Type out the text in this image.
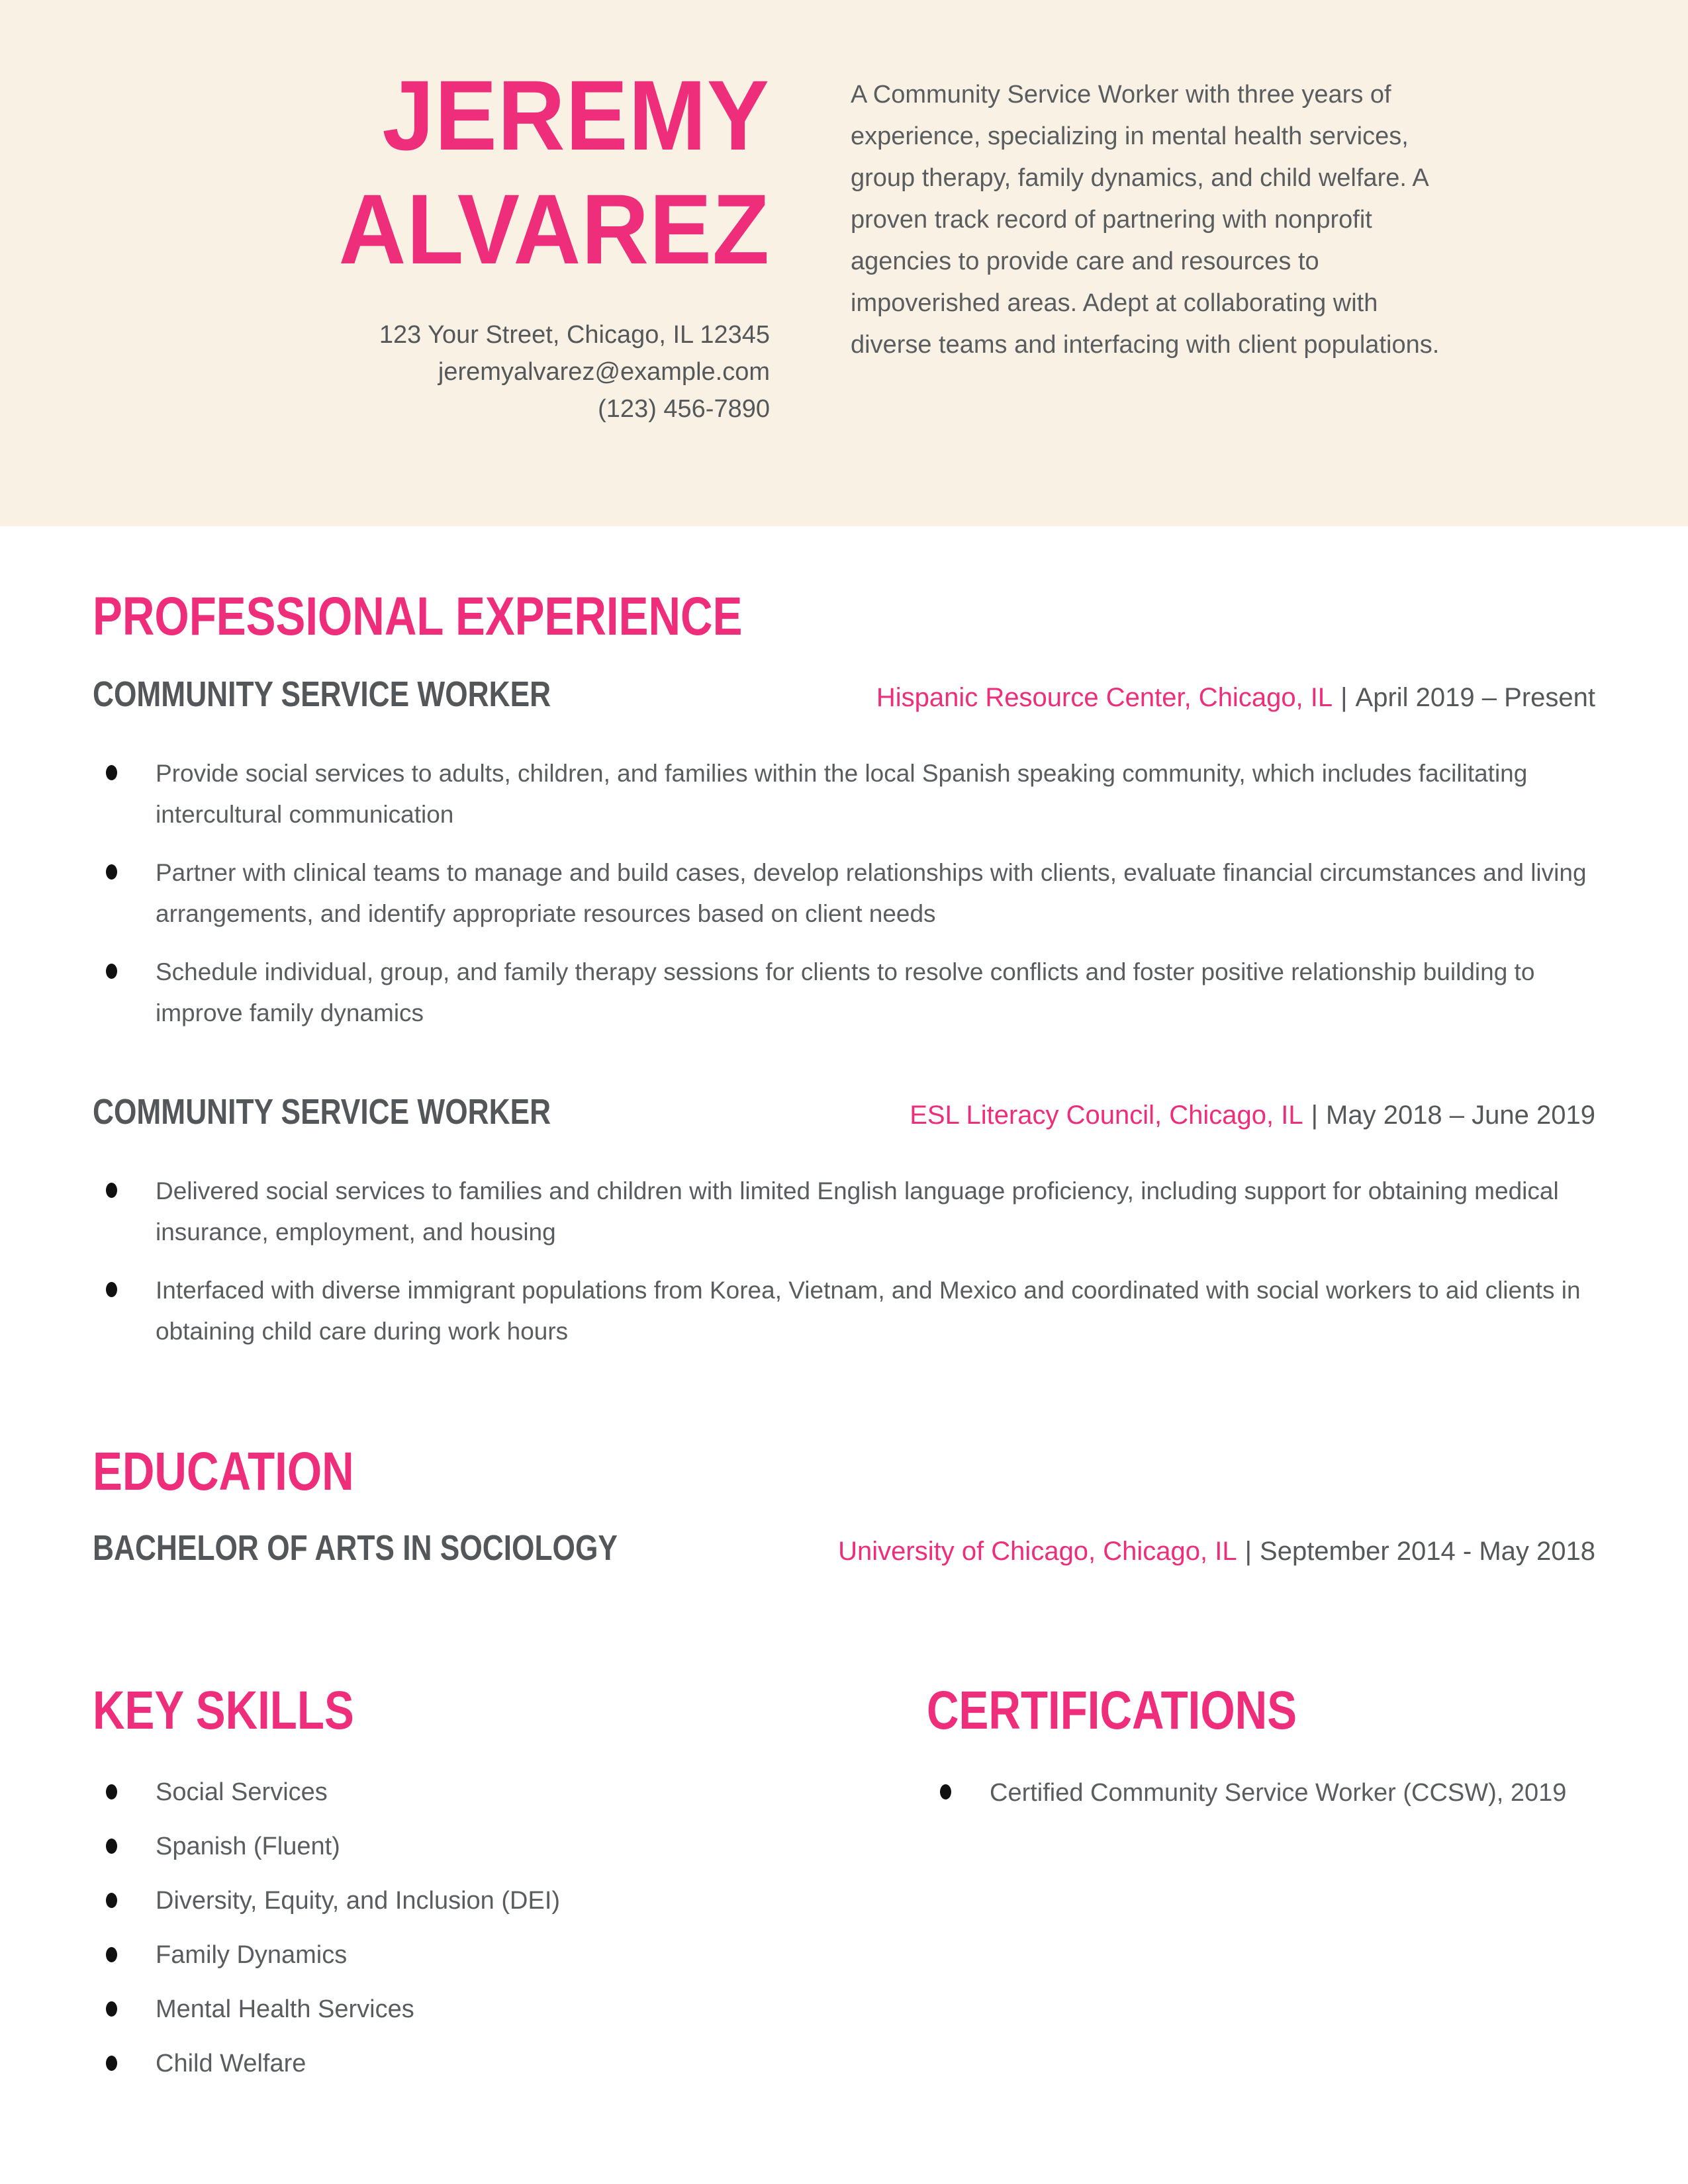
JEREMY
ALVAREZ
123 Your Street, Chicago, IL 12345
jeremyalvarez@example.com
(123) 456-7890

A Community Service Worker with three years of experience, specializing in mental health services, group therapy, family dynamics, and child welfare. A proven track record of partnering with nonprofit agencies to provide care and resources to impoverished areas. Adept at collaborating with diverse teams and interfacing with client populations.

PROFESSIONAL EXPERIENCE
COMMUNITY SERVICE WORKER	Hispanic Resource Center, Chicago, IL | April 2019 – Present
Provide social services to adults, children, and families within the local Spanish speaking community, which includes facilitating intercultural communication
Partner with clinical teams to manage and build cases, develop relationships with clients, evaluate financial circumstances and living arrangements, and identify appropriate resources based on client needs
Schedule individual, group, and family therapy sessions for clients to resolve conflicts and foster positive relationship building to improve family dynamics
COMMUNITY SERVICE WORKER	ESL Literacy Council, Chicago, IL | May 2018 – June 2019
Delivered social services to families and children with limited English language proficiency, including support for obtaining medical insurance, employment, and housing
Interfaced with diverse immigrant populations from Korea, Vietnam, and Mexico and coordinated with social workers to aid clients in obtaining child care during work hours
EDUCATION
BACHELOR OF ARTS IN SOCIOLOGY	University of Chicago, Chicago, IL | September 2014 - May 2018
KEY SKILLS
Social Services
Spanish (Fluent)
Diversity, Equity, and Inclusion (DEI)
Family Dynamics
Mental Health Services
Child Welfare
CERTIFICATIONS
Certified Community Service Worker (CCSW), 2019
